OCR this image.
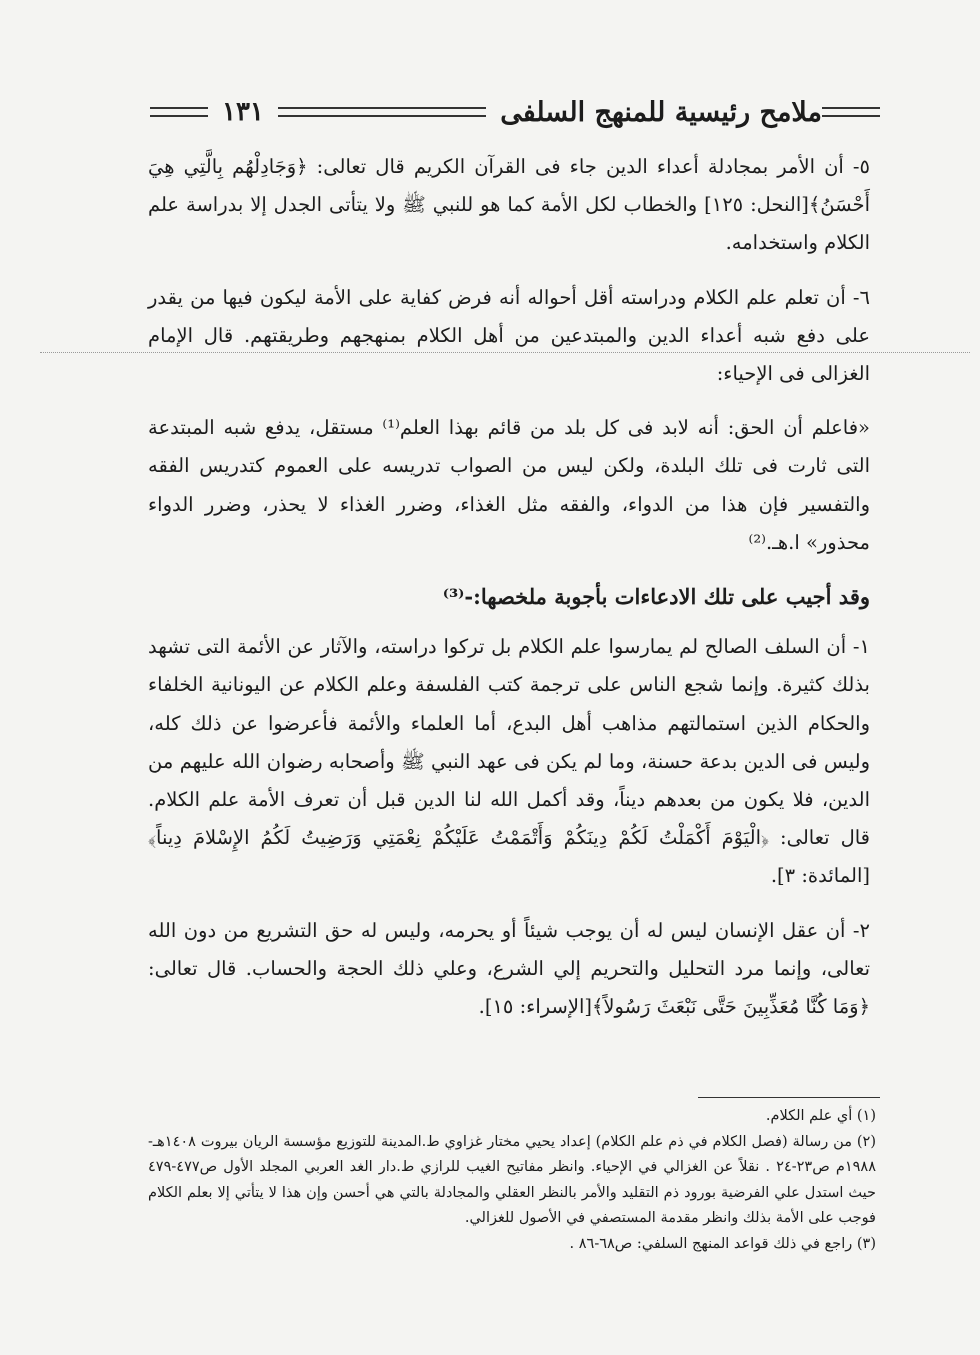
ملامح رئيسية للمنهج السلفى
١٣١

٥- أن الأمر بمجادلة أعداء الدين جاء فى القرآن الكريم قال تعالى: ﴿وَجَادِلْهُم بِالَّتِي هِيَ أَحْسَنُ﴾[النحل: ١٢٥] والخطاب لكل الأمة كما هو للنبي ﷺ ولا يتأتى الجدل إلا بدراسة علم الكلام واستخدامه.

٦- أن تعلم علم الكلام ودراسته أقل أحواله أنه فرض كفاية على الأمة ليكون فيها من يقدر على دفع شبه أعداء الدين والمبتدعين من أهل الكلام بمنهجهم وطريقتهم. قال الإمام الغزالى فى الإحياء:

«فاعلم أن الحق: أنه لابد فى كل بلد من قائم بهذا العلم⁽¹⁾ مستقل، يدفع شبه المبتدعة التى ثارت فى تلك البلدة، ولكن ليس من الصواب تدريسه على العموم كتدريس الفقه والتفسير فإن هذا من الدواء، والفقه مثل الغذاء، وضرر الغذاء لا يحذر، وضرر الدواء محذور» ا.هـ.⁽²⁾

وقد أجيب على تلك الادعاءات بأجوبة ملخصها:-⁽³⁾

١- أن السلف الصالح لم يمارسوا علم الكلام بل تركوا دراسته، والآثار عن الأئمة التى تشهد بذلك كثيرة. وإنما شجع الناس على ترجمة كتب الفلسفة وعلم الكلام عن اليونانية الخلفاء والحكام الذين استمالتهم مذاهب أهل البدع، أما العلماء والأئمة فأعرضوا عن ذلك كله، وليس فى الدين بدعة حسنة، وما لم يكن فى عهد النبي ﷺ وأصحابه رضوان الله عليهم من الدين، فلا يكون من بعدهم ديناً، وقد أكمل الله لنا الدين قبل أن تعرف الأمة علم الكلام. قال تعالى: ﴿الْيَوْمَ أَكْمَلْتُ لَكُمْ دِينَكُمْ وَأَتْمَمْتُ عَلَيْكُمْ نِعْمَتِي وَرَضِيتُ لَكُمُ الإِسْلامَ دِيناً﴾[المائدة: ٣].

٢- أن عقل الإنسان ليس له أن يوجب شيئاً أو يحرمه، وليس له حق التشريع من دون الله تعالى، وإنما مرد التحليل والتحريم إلي الشرع، وعلي ذلك الحجة والحساب. قال تعالى: ﴿وَمَا كُنَّا مُعَذِّبِينَ حَتَّى نَبْعَثَ رَسُولاً﴾[الإسراء: ١٥].

(١) أي علم الكلام.

(٢) من رسالة (فصل الكلام في ذم علم الكلام) إعداد يحيي مختار غزاوي ط.المدينة للتوزيع مؤسسة الريان بيروت ١٤٠٨هـ- ١٩٨٨م ص٢٣-٢٤ . نقلاً عن الغزالي في الإحياء. وانظر مفاتيح الغيب للرازي ط.دار الغد العربي المجلد الأول ص٤٧٧-٤٧٩ حيث استدل علي الفرضية بورود ذم التقليد والأمر بالنظر العقلي والمجادلة بالتي هي أحسن وإن هذا لا يتأتي إلا بعلم الكلام فوجب على الأمة بذلك وانظر مقدمة المستصفي في الأصول للغزالي.

(٣) راجع في ذلك قواعد المنهج السلفي: ص٦٨-٨٦ .
